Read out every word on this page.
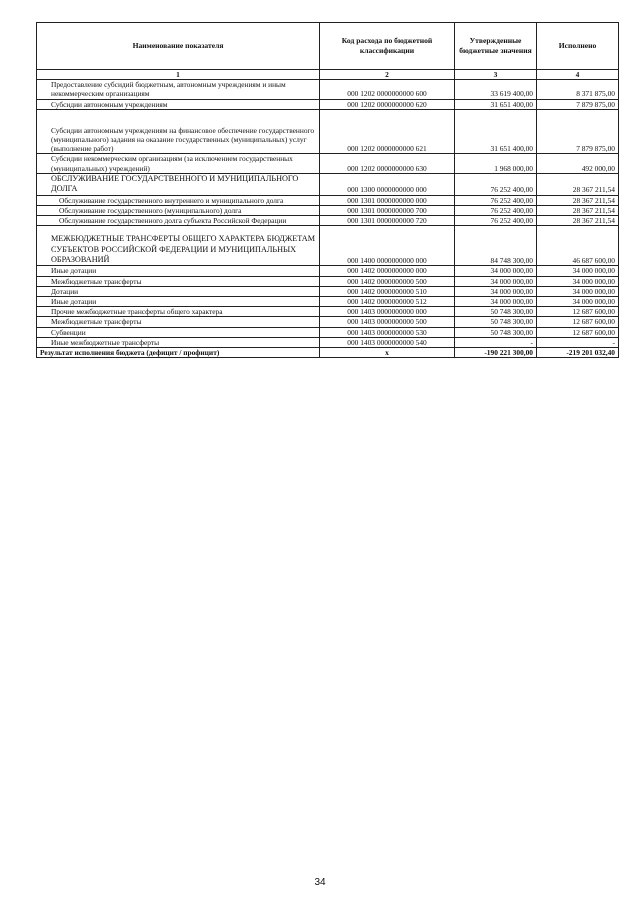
Наименование показателя	Код расхода по бюджетной классификации	Утвержденные бюджетные значения	Исполнено
1	2	3	4
Предоставление субсидий бюджетным, автономным учреждениям и иным некоммерческим организациям	000 1202 0000000000 600	33 619 400,00	8 371 875,00
Субсидии автономным учреждениям	000 1202 0000000000 620	31 651 400,00	7 879 875,00
Субсидии автономным учреждениям на финансовое обеспечение государственного (муниципального) задания на оказание государственных (муниципальных) услуг (выполнение работ)	000 1202 0000000000 621	31 651 400,00	7 879 875,00
Субсидии некоммерческим организациям (за исключением государственных (муниципальных) учреждений)	000 1202 0000000000 630	1 968 000,00	492 000,00
ОБСЛУЖИВАНИЕ ГОСУДАРСТВЕННОГО И МУНИЦИПАЛЬНОГО ДОЛГА	000 1300 0000000000 000	76 252 400,00	28 367 211,54
Обслуживание государственного внутреннего и муниципального долга	000 1301 0000000000 000	76 252 400,00	28 367 211,54
Обслуживание государственного (муниципального) долга	000 1301 0000000000 700	76 252 400,00	28 367 211,54
Обслуживание государственного долга субъекта Российской Федерации	000 1301 0000000000 720	76 252 400,00	28 367 211,54
МЕЖБЮДЖЕТНЫЕ ТРАНСФЕРТЫ ОБЩЕГО ХАРАКТЕРА БЮДЖЕТАМ СУБЪЕКТОВ РОССИЙСКОЙ ФЕДЕРАЦИИ И МУНИЦИПАЛЬНЫХ ОБРАЗОВАНИЙ	000 1400 0000000000 000	84 748 300,00	46 687 600,00
Иные дотации	000 1402 0000000000 000	34 000 000,00	34 000 000,00
Межбюджетные трансферты	000 1402 0000000000 500	34 000 000,00	34 000 000,00
Дотации	000 1402 0000000000 510	34 000 000,00	34 000 000,00
Иные дотации	000 1402 0000000000 512	34 000 000,00	34 000 000,00
Прочие межбюджетные трансферты общего характера	000 1403 0000000000 000	50 748 300,00	12 687 600,00
Межбюджетные трансферты	000 1403 0000000000 500	50 748 300,00	12 687 600,00
Субвенции	000 1403 0000000000 530	50 748 300,00	12 687 600,00
Иные межбюджетные трансферты	000 1403 0000000000 540	-	-
Результат исполнения бюджета (дефицит / профицит)	x	-190 221 300,00	-219 201 032,40
34
